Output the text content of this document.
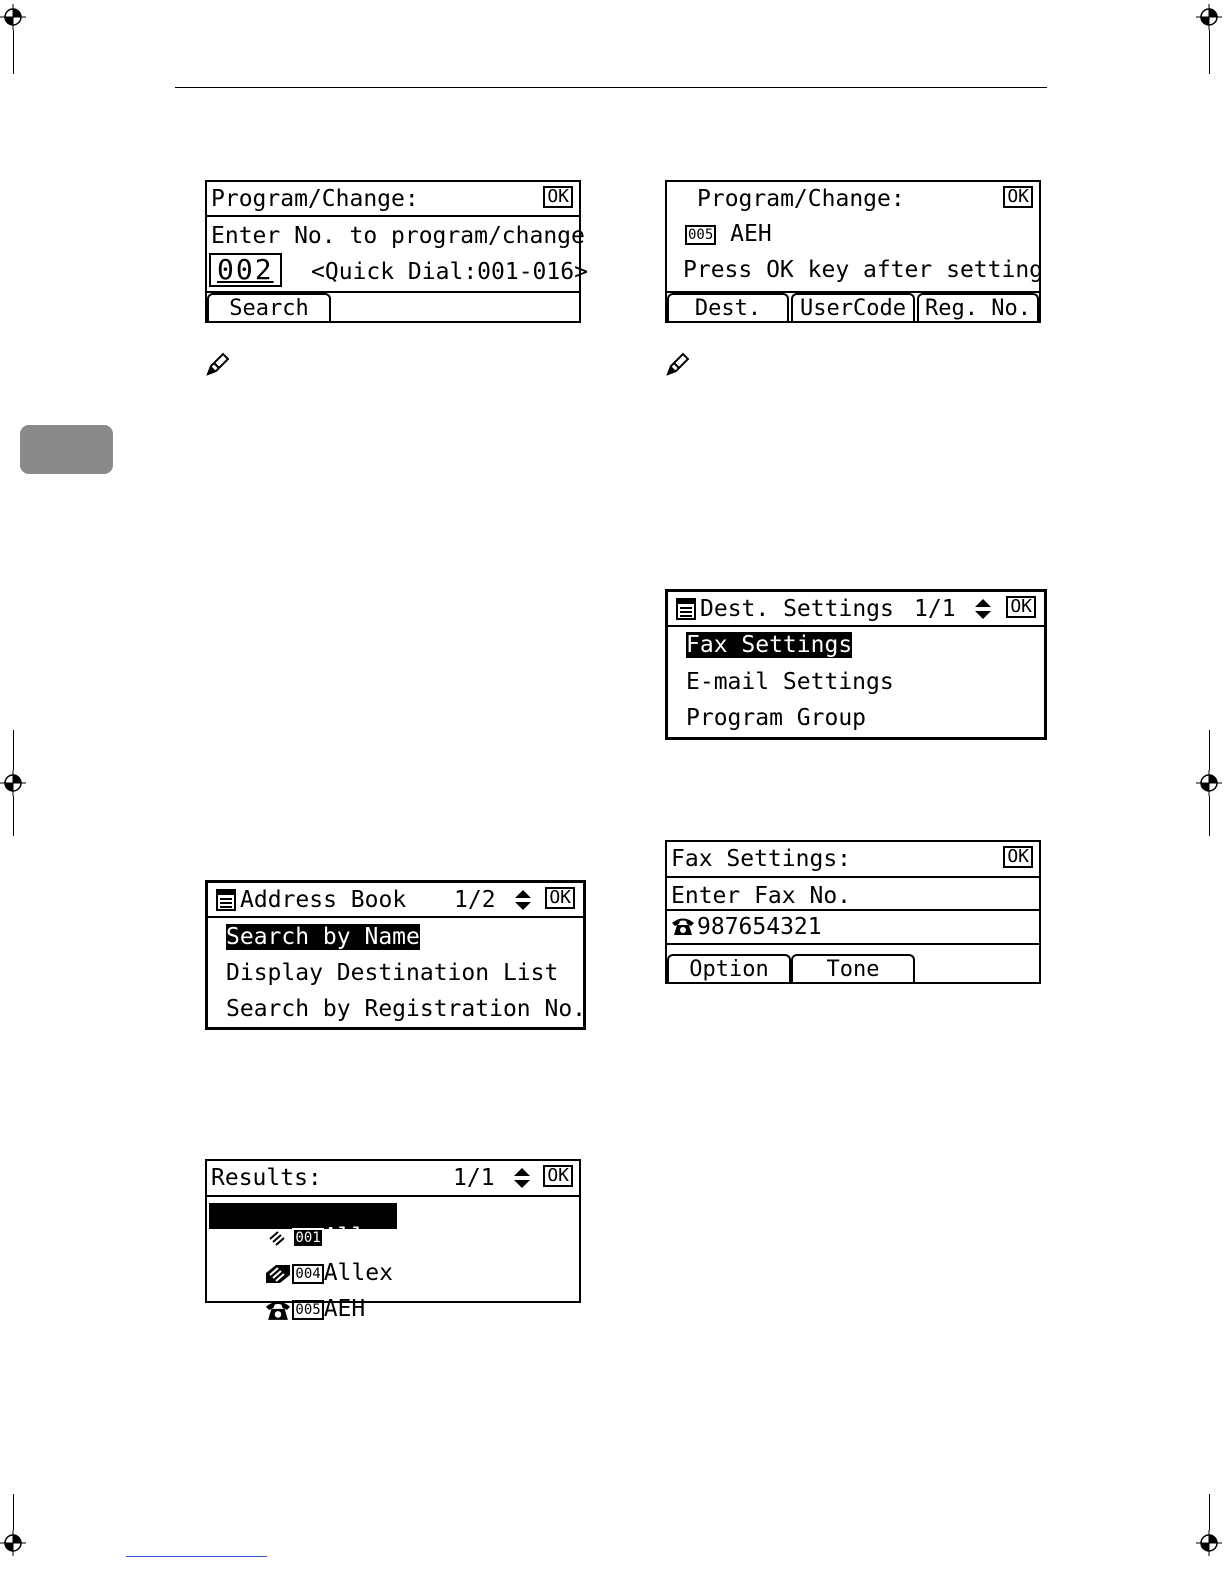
Program/Change:	OK
Enter No. to program/change
002	<Quick Dial:001-016>
Search
Program/Change:	OK
005 AEH
Press OK key after setting
Dest.	UserCode Reg. No.
Dest. Settings 1/1	OK
Fax Settings
E-mail Settings
Program Group
Fax Settings:	OK
Enter Fax No.
987654321
Option	Tone
Address Book	1/2	OK
Search by Name
Display Destination List
Search by Registration No.
Results:	1/1	OK

001 Allen

004 Allex

005 AEH
